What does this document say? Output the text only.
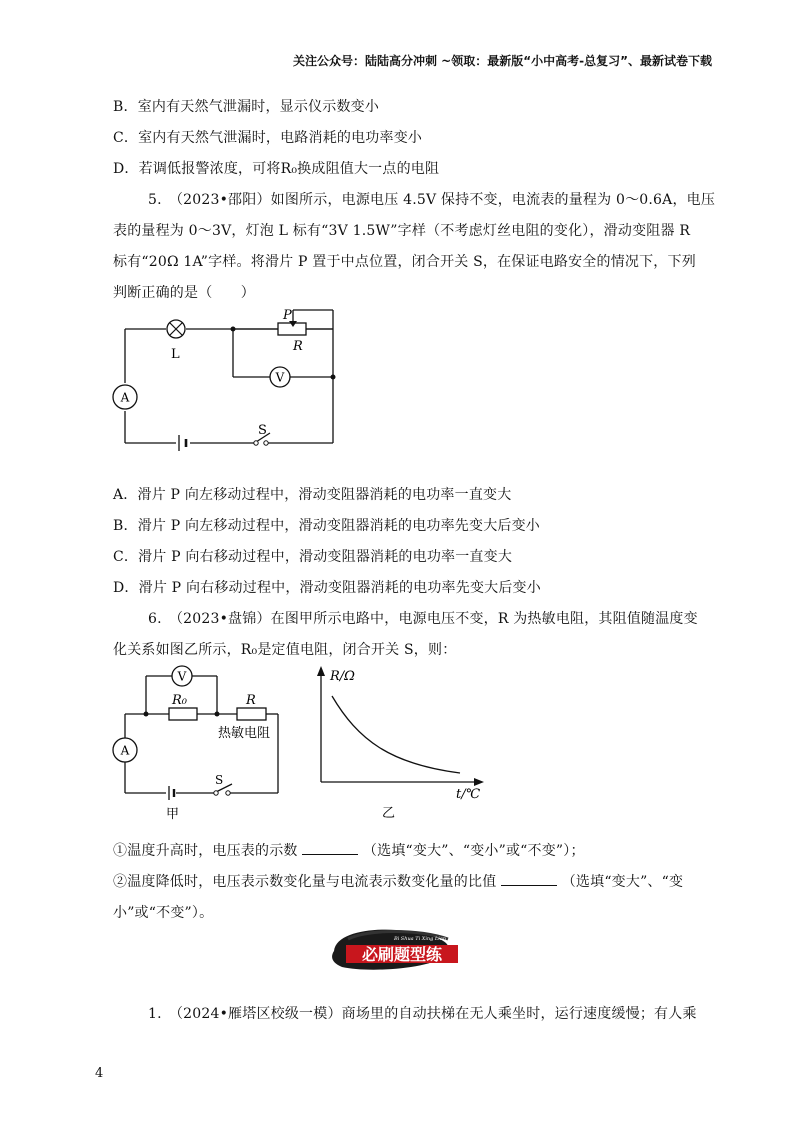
关注公众号：陆陆高分冲刺 ~领取：最新版“小中高考-总复习”、最新试卷下载
B．室内有天然气泄漏时，显示仪示数变小
C．室内有天然气泄漏时，电路消耗的电功率变小
D．若调低报警浓度，可将R₀换成阻值大一点的电阻
5.　（2023•邵阳）如图所示，电源电压 4.5V 保持不变，电流表的量程为 0～0.6A，电压
表的量程为 0～3V，灯泡 L 标有“3V 1.5W”字样（不考虑灯丝电阻的变化），滑动变阻器 R
标有“20Ω 1A”字样。将滑片 P 置于中点位置，闭合开关 S，在保证电路安全的情况下，下列
判断正确的是（　　）
V
A
P
R
L
S
A．滑片 P 向左移动过程中，滑动变阻器消耗的电功率一直变大
B．滑片 P 向左移动过程中，滑动变阻器消耗的电功率先变大后变小
C．滑片 P 向右移动过程中，滑动变阻器消耗的电功率一直变大
D．滑片 P 向右移动过程中，滑动变阻器消耗的电功率先变大后变小
6.　（2023•盘锦）在图甲所示电路中，电源电压不变，R 为热敏电阻，其阻值随温度变
化关系如图乙所示，R₀是定值电阻，闭合开关 S，则：
V
A
R₀	R
热敏电阻
S
甲
R/Ω
t/℃
乙
①温度升高时，电压表的示数	（选填“变大”、“变小”或“不变”）；
②温度降低时，电压表示数变化量与电流表示数变化量的比值	（选填“变大”、“变
小”或“不变”）。
必刷题型练
Bi Shua Ti Xing Lian
1.　（2024•雁塔区校级一模）商场里的自动扶梯在无人乘坐时，运行速度缓慢；有人乘
4
